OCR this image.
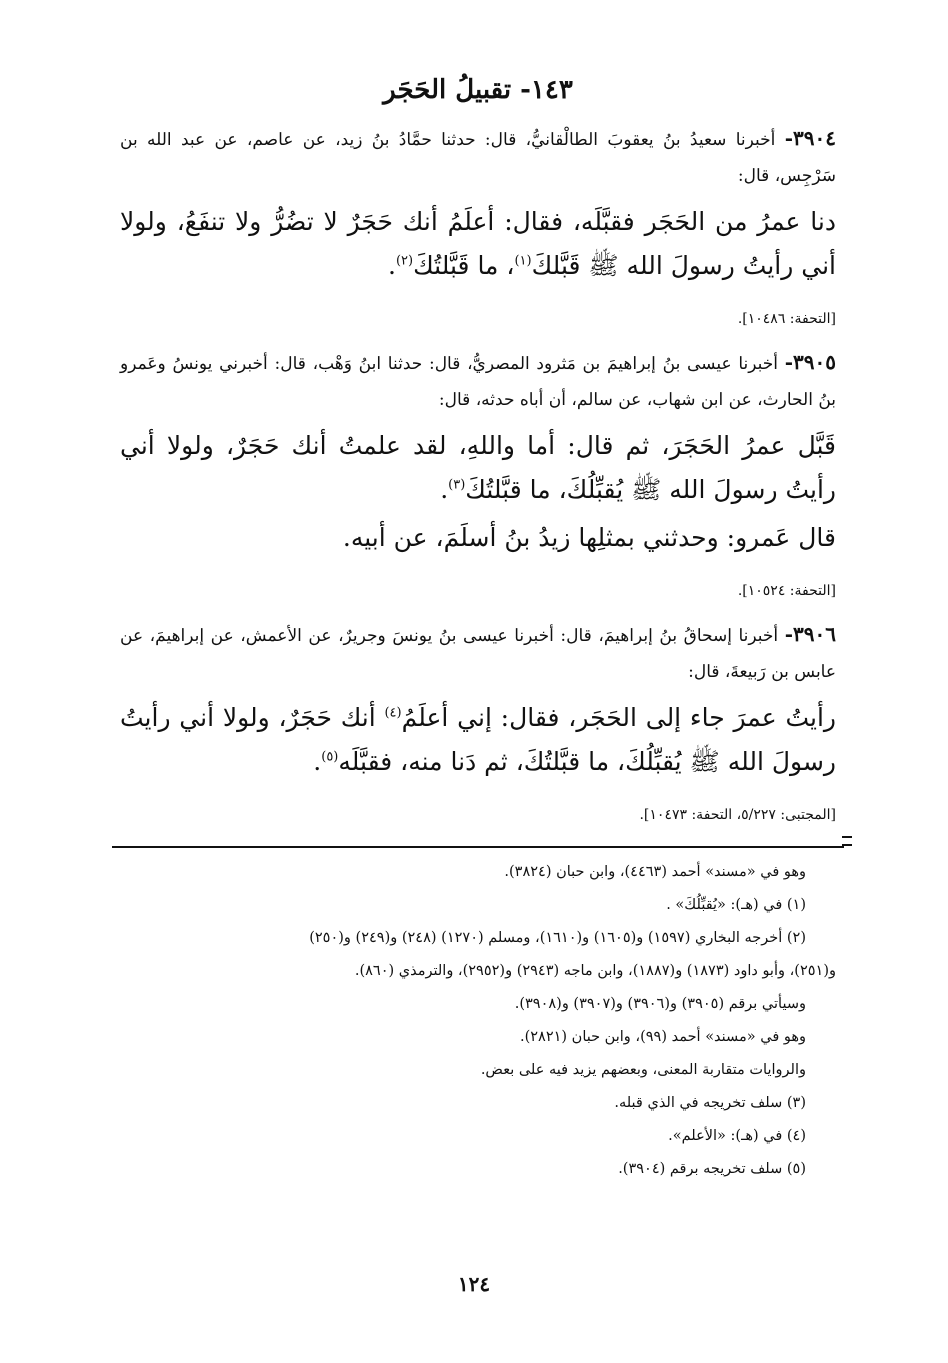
١٤٣- تقبيلُ الحَجَر

٣٩٠٤- أخبرنا سعيدُ بنُ يعقوبَ الطالْقانيُّ، قال: حدثنا حمَّادُ بنُ زيد، عن عاصم، عن عبد الله بن سَرْجِس، قال:

دنا عمرُ من الحَجَر فقبَّلَه، فقال: أعلَمُ أنك حَجَرٌ لا تضُرُّ ولا تنفَعُ، ولولا أني رأيتُ رسولَ الله ﷺ قَبَّلكَ$^{(١)}$، ما قَبَّلتُكَ$^{(٢)}$.

[التحفة: ١٠٤٨٦].

٣٩٠٥- أخبرنا عيسى بنُ إبراهيمَ بن مَثرود المصريُّ، قال: حدثنا ابنُ وَهْب، قال: أخبرني يونسُ وعَمرو بنُ الحارث، عن ابن شهاب، عن سالم، أن أباه حدثه، قال:

قَبَّل عمرُ الحَجَرَ، ثم قال: أما واللهِ، لقد علمتُ أنك حَجَرٌ، ولولا أني رأيتُ رسولَ الله ﷺ يُقبِّلُكَ، ما قبَّلتُكَ$^{(٣)}$.

قال عَمرو: وحدثني بمثلِها زيدُ بنُ أسلَمَ، عن أبيه.

[التحفة: ١٠٥٢٤].

٣٩٠٦- أخبرنا إسحاقُ بنُ إبراهيمَ، قال: أخبرنا عيسى بنُ يونسَ وجريرٌ، عن الأعمش، عن إبراهيمَ، عن عابس بن رَبيعةَ، قال:

رأيتُ عمرَ جاء إلى الحَجَر، فقال: إني أعلَمُ$^{(٤)}$ أنك حَجَرٌ، ولولا أني رأيتُ رسولَ الله ﷺ يُقبِّلُكَ، ما قبَّلتُكَ، ثم دَنا منه، فقبَّلَه$^{(٥)}$.

[المجتبى: ٥/٢٢٧، التحفة: ١٠٤٧٣].

وهو في «مسند» أحمد (٤٤٦٣)، وابن حبان (٣٨٢٤).

(١) في (هـ): «يُقبِّلُكَ» .

(٢) أخرجه البخاري (١٥٩٧) و(١٦٠٥) و(١٦١٠)، ومسلم (١٢٧٠) (٢٤٨) و(٢٤٩) و(٢٥٠)

و(٢٥١)، وأبو داود (١٨٧٣) و(١٨٨٧)، وابن ماجه (٢٩٤٣) و(٢٩٥٢)، والترمذي (٨٦٠).

وسيأتي برقم (٣٩٠٥) و(٣٩٠٦) و(٣٩٠٧) و(٣٩٠٨).

وهو في «مسند» أحمد (٩٩)، وابن حبان (٢٨٢١).

والروايات متقاربة المعنى، وبعضهم يزيد فيه على بعض.

(٣) سلف تخريجه في الذي قبله.

(٤) في (هـ): «الأعلم».

(٥) سلف تخريجه برقم (٣٩٠٤).

١٢٤
